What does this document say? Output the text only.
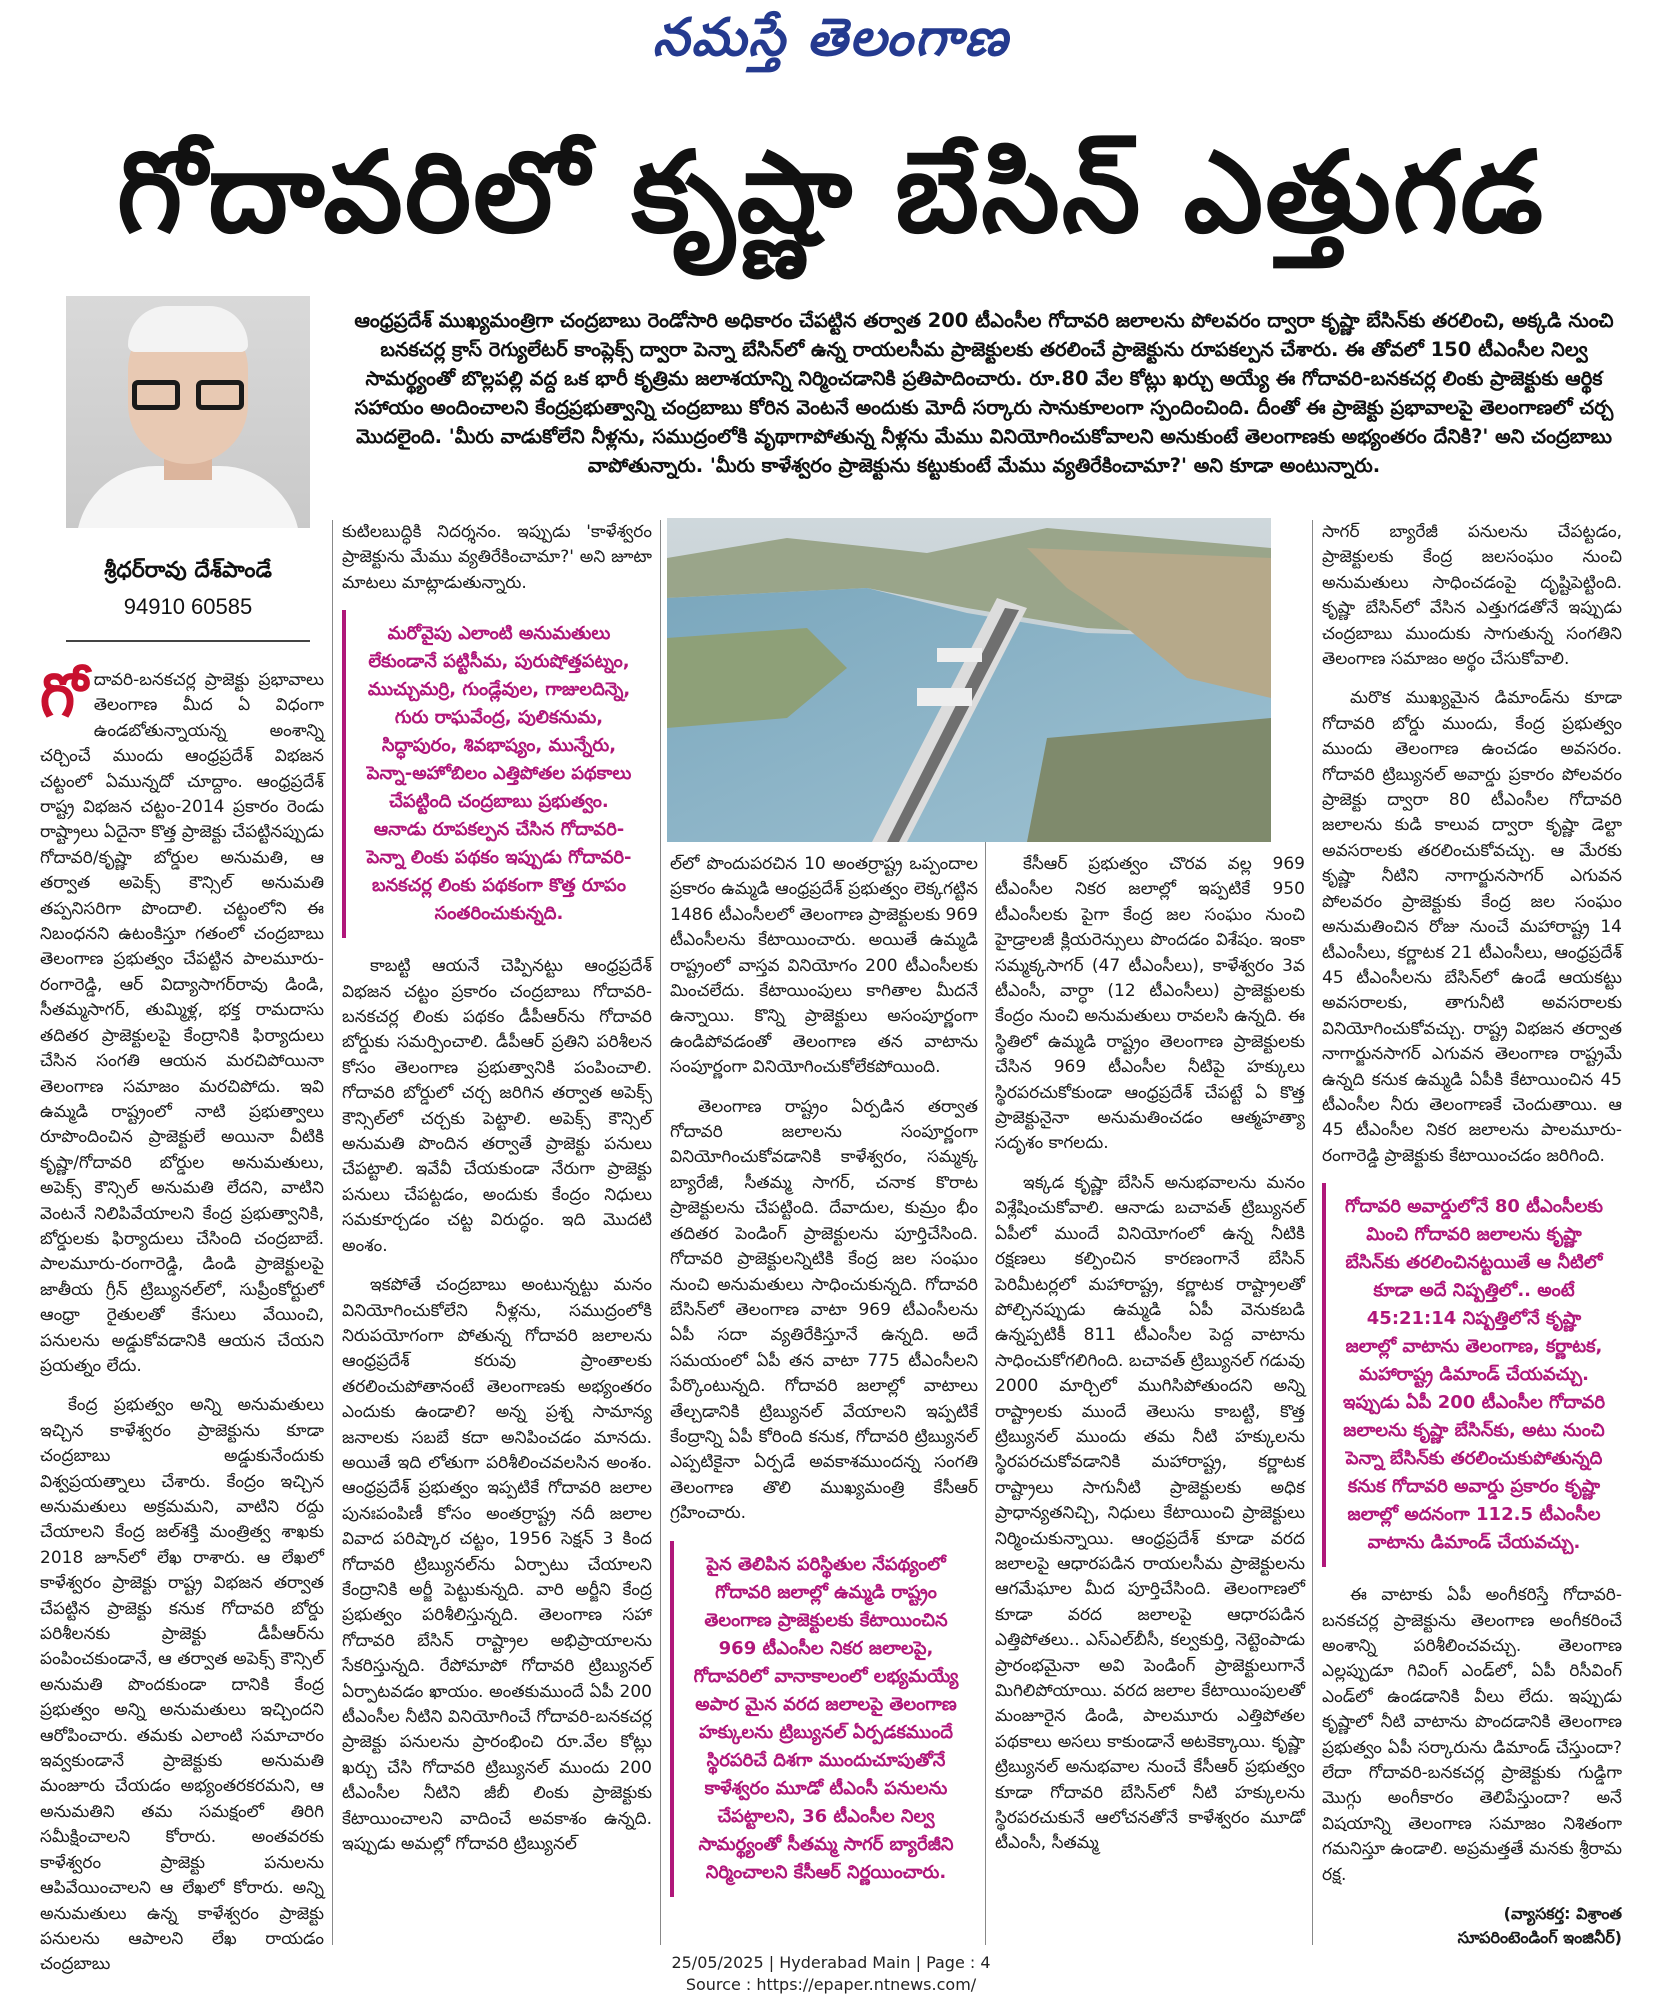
నమస్తే తెలంగాణ
గోదావరిలో కృష్ణా బేసిన్ ఎత్తుగడ
శ్రీధర్‌రావు దేశ్‌పాండే
94910 60585
ఆంధ్రప్రదేశ్ ముఖ్యమంత్రిగా చంద్రబాబు రెండోసారి అధికారం చేపట్టిన తర్వాత 200 టీఎంసీల గోదావరి జలాలను పోలవరం ద్వారా కృష్ణా బేసిన్‌కు తరలించి, అక్కడి నుంచి బనకచర్ల క్రాస్ రెగ్యులేటర్ కాంప్లెక్స్ ద్వారా పెన్నా బేసిన్‌లో ఉన్న రాయలసీమ ప్రాజెక్టులకు తరలించే ప్రాజెక్టును రూపకల్పన చేశారు. ఈ తోవలో 150 టీఎంసీల నిల్వ సామర్థ్యంతో బొల్లపల్లి వద్ద ఒక భారీ కృత్రిమ జలాశయాన్ని నిర్మించడానికి ప్రతిపాదించారు. రూ.80 వేల కోట్లు ఖర్చు అయ్యే ఈ గోదావరి-బనకచర్ల లింకు ప్రాజెక్టుకు ఆర్థిక సహాయం అందించాలని కేంద్రప్రభుత్వాన్ని చంద్రబాబు కోరిన వెంటనే అందుకు మోదీ సర్కారు సానుకూలంగా స్పందించింది. దీంతో ఈ ప్రాజెక్టు ప్రభావాలపై తెలంగాణలో చర్చ మొదలైంది. 'మీరు వాడుకోలేని నీళ్లను, సముద్రంలోకి వృథాగాపోతున్న నీళ్లను మేము వినియోగించుకోవాలని అనుకుంటే తెలంగాణకు అభ్యంతరం దేనికి?' అని చంద్రబాబు వాపోతున్నారు. 'మీరు కాళేశ్వరం ప్రాజెక్టును కట్టుకుంటే మేము వ్యతిరేకించామా?' అని కూడా అంటున్నారు.

గోదావరి-బనకచర్ల ప్రాజెక్టు ప్రభావాలు తెలంగాణ మీద ఏ విధంగా ఉండబోతున్నాయన్న అంశాన్ని చర్చించే ముందు ఆంధ్రప్రదేశ్ విభజన చట్టంలో ఏమున్నదో చూద్దాం. ఆంధ్రప్రదేశ్ రాష్ట్ర విభజన చట్టం-2014 ప్రకారం రెండు రాష్ట్రాలు ఏదైనా కొత్త ప్రాజెక్టు చేపట్టినప్పుడు గోదావరి/కృష్ణా బోర్డుల అనుమతి, ఆ తర్వాత అపెక్స్ కౌన్సిల్ అనుమతి తప్పనిసరిగా పొందాలి. చట్టంలోని ఈ నిబంధనని ఉటంకిస్తూ గతంలో చంద్రబాబు తెలంగాణ ప్రభుత్వం చేపట్టిన పాలమూరు-రంగారెడ్డి, ఆర్ విద్యాసాగర్‌రావు డిండి, సీతమ్మసాగర్, తుమ్మిళ్ల, భక్త రామదాసు తదితర ప్రాజెక్టులపై కేంద్రానికి ఫిర్యాదులు చేసిన సంగతి ఆయన మరచిపోయినా తెలంగాణ సమాజం మరచిపోదు. ఇవి ఉమ్మడి రాష్ట్రంలో నాటి ప్రభుత్వాలు రూపొందించిన ప్రాజెక్టులే అయినా వీటికి కృష్ణా/గోదావరి బోర్డుల అనుమతులు, అపెక్స్ కౌన్సిల్ అనుమతి లేదని, వాటిని వెంటనే నిలిపివేయాలని కేంద్ర ప్రభుత్వానికి, బోర్డులకు ఫిర్యాదులు చేసింది చంద్రబాబే. పాలమూరు-రంగారెడ్డి, డిండి ప్రాజెక్టులపై జాతీయ గ్రీన్ ట్రిబ్యునల్‌లో, సుప్రీంకోర్టులో ఆంధ్రా రైతులతో కేసులు వేయించి, పనులను అడ్డుకోవడానికి ఆయన చేయని ప్రయత్నం లేదు.

కేంద్ర ప్రభుత్వం అన్ని అనుమతులు ఇచ్చిన కాళేశ్వరం ప్రాజెక్టును కూడా చంద్రబాబు అడ్డుకునేందుకు విశ్వప్రయత్నాలు చేశారు. కేంద్రం ఇచ్చిన అనుమతులు అక్రమమని, వాటిని రద్దు చేయాలని కేంద్ర జల్‌శక్తి మంత్రిత్వ శాఖకు 2018 జూన్‌లో లేఖ రాశారు. ఆ లేఖలో కాళేశ్వరం ప్రాజెక్టు రాష్ట్ర విభజన తర్వాత చేపట్టిన ప్రాజెక్టు కనుక గోదావరి బోర్డు పరిశీలనకు ప్రాజెక్టు డీపీఆర్‌ను పంపించకుండానే, ఆ తర్వాత అపెక్స్ కౌన్సిల్ అనుమతి పొందకుండా దానికి కేంద్ర ప్రభుత్వం అన్ని అనుమతులు ఇచ్చిందని ఆరోపించారు. తమకు ఎలాంటి సమాచారం ఇవ్వకుండానే ప్రాజెక్టుకు అనుమతి మంజూరు చేయడం అభ్యంతరకరమని, ఆ అనుమతిని తమ సమక్షంలో తిరిగి సమీక్షించాలని కోరారు. అంతవరకు కాళేశ్వరం ప్రాజెక్టు పనులను ఆపివేయించాలని ఆ లేఖలో కోరారు. అన్ని అనుమతులు ఉన్న కాళేశ్వరం ప్రాజెక్టు పనులను ఆపాలని లేఖ రాయడం చంద్రబాబు

కుటిలబుద్ధికి నిదర్శనం. ఇప్పుడు 'కాళేశ్వరం ప్రాజెక్టును మేము వ్యతిరేకించామా?' అని జూటా మాటలు మాట్లాడుతున్నారు.

మరోవైపు ఎలాంటి అనుమతులు లేకుండానే పట్టిసీమ, పురుషోత్తపట్నం, ముచ్చుమర్రి, గుండ్లేవుల, గాజులదిన్నె, గురు రాఘవేంద్ర, పులికనుమ, సిద్ధాపురం, శివభాష్యం, మున్నేరు, పెన్నా-అహోబిలం ఎత్తిపోతల పథకాలు చేపట్టింది చంద్రబాబు ప్రభుత్వం. ఆనాడు రూపకల్పన చేసిన గోదావరి-పెన్నా లింకు పథకం ఇప్పుడు గోదావరి- బనకచర్ల లింకు పథకంగా కొత్త రూపం సంతరించుకున్నది.

కాబట్టి ఆయనే చెప్పినట్టు ఆంధ్రప్రదేశ్ విభజన చట్టం ప్రకారం చంద్రబాబు గోదావరి-బనకచర్ల లింకు పథకం డీపీఆర్‌ను గోదావరి బోర్డుకు సమర్పించాలి. డీపీఆర్ ప్రతిని పరిశీలన కోసం తెలంగాణ ప్రభుత్వానికి పంపించాలి. గోదావరి బోర్డులో చర్చ జరిగిన తర్వాత అపెక్స్ కౌన్సిల్‌లో చర్చకు పెట్టాలి. అపెక్స్ కౌన్సిల్ అనుమతి పొందిన తర్వాతే ప్రాజెక్టు పనులు చేపట్టాలి. ఇవేవీ చేయకుండా నేరుగా ప్రాజెక్టు పనులు చేపట్టడం, అందుకు కేంద్రం నిధులు సమకూర్చడం చట్ట విరుద్ధం. ఇది మొదటి అంశం.

ఇకపోతే చంద్రబాబు అంటున్నట్టు మనం వినియోగించుకోలేని నీళ్లను, సముద్రంలోకి నిరుపయోగంగా పోతున్న గోదావరి జలాలను ఆంధ్రప్రదేశ్ కరువు ప్రాంతాలకు తరలించుపోతానంటే తెలంగాణకు అభ్యంతరం ఎందుకు ఉండాలి? అన్న ప్రశ్న సామాన్య జనాలకు సబబే కదా అనిపించడం మానదు. అయితే ఇది లోతుగా పరిశీలించవలసిన అంశం. ఆంధ్రప్రదేశ్ ప్రభుత్వం ఇప్పటికే గోదావరి జలాల పునఃపంపిణీ కోసం అంతర్రాష్ట్ర నదీ జలాల వివాద పరిష్కార చట్టం, 1956 సెక్షన్ 3 కింద గోదావరి ట్రిబ్యునల్‌ను ఏర్పాటు చేయాలని కేంద్రానికి అర్జీ పెట్టుకున్నది. వారి అర్జీని కేంద్ర ప్రభుత్వం పరిశీలిస్తున్నది. తెలంగాణ సహా గోదావరి బేసిన్ రాష్ట్రాల అభిప్రాయాలను సేకరిస్తున్నది. రేపోమాపో గోదావరి ట్రిబ్యునల్ ఏర్పాటవడం ఖాయం. అంతకుముందే ఏపీ 200 టీఎంసీల నీటిని వినియోగించే గోదావరి-బనకచర్ల ప్రాజెక్టు పనులను ప్రారంభించి రూ.వేల కోట్లు ఖర్చు చేసి గోదావరి ట్రిబ్యునల్ ముందు 200 టీఎంసీల నీటిని జీబీ లింకు ప్రాజెక్టుకు కేటాయించాలని వాదించే అవకాశం ఉన్నది. ఇప్పుడు అమల్లో గోదావరి ట్రిబ్యునల్

ల్‌లో పొందుపరచిన 10 అంతర్రాష్ట్ర ఒప్పందాల ప్రకారం ఉమ్మడి ఆంధ్రప్రదేశ్ ప్రభుత్వం లెక్కగట్టిన 1486 టీఎంసీలలో తెలంగాణ ప్రాజెక్టులకు 969 టీఎంసీలను కేటాయించారు. అయితే ఉమ్మడి రాష్ట్రంలో వాస్తవ వినియోగం 200 టీఎంసీలకు మించలేదు. కేటాయింపులు కాగితాల మీదనే ఉన్నాయి. కొన్ని ప్రాజెక్టులు అసంపూర్ణంగా ఉండిపోవడంతో తెలంగాణ తన వాటాను సంపూర్ణంగా వినియోగించుకోలేకపోయింది.

తెలంగాణ రాష్ట్రం ఏర్పడిన తర్వాత గోదావరి జలాలను సంపూర్ణంగా వినియోగించుకోవడానికి కాళేశ్వరం, సమ్మక్క బ్యారేజీ, సీతమ్మ సాగర్, చనాక కొరాట ప్రాజెక్టులను చేపట్టింది. దేవాదుల, కుమ్రం భీం తదితర పెండింగ్ ప్రాజెక్టులను పూర్తిచేసింది. గోదావరి ప్రాజెక్టులన్నిటికి కేంద్ర జల సంఘం నుంచి అనుమతులు సాధించుకున్నది. గోదావరి బేసిన్‌లో తెలంగాణ వాటా 969 టీఎంసీలను ఏపీ సదా వ్యతిరేకిస్తూనే ఉన్నది. అదే సమయంలో ఏపీ తన వాటా 775 టీఎంసీలని పేర్కొంటున్నది. గోదావరి జలాల్లో వాటాలు తేల్చడానికి ట్రిబ్యునల్ వేయాలని ఇప్పటికే కేంద్రాన్ని ఏపీ కోరింది కనుక, గోదావరి ట్రిబ్యునల్ ఎప్పటికైనా ఏర్పడే అవకాశముందన్న సంగతి తెలంగాణ తొలి ముఖ్యమంత్రి కేసీఆర్ గ్రహించారు.

పైన తెలిపిన పరిస్థితుల నేపథ్యంలో గోదావరి జలాల్లో ఉమ్మడి రాష్ట్రం తెలంగాణ ప్రాజెక్టులకు కేటాయించిన 969 టీఎంసీల నికర జలాలపై, గోదావరిలో వానాకాలంలో లభ్యమయ్యే అపార మైన వరద జలాలపై తెలంగాణ హక్కులను ట్రిబ్యునల్ ఏర్పడకముందే స్థిరపరిచే దిశగా ముందుచూపుతోనే కాళేశ్వరం మూడో టీఎంసీ పనులను చేపట్టాలని, 36 టీఎంసీల నిల్వ సామర్థ్యంతో సీతమ్మ సాగర్ బ్యారేజీని నిర్మించాలని కేసీఆర్ నిర్ణయించారు.

కేసీఆర్ ప్రభుత్వం చొరవ వల్ల 969 టీఎంసీల నికర జలాల్లో ఇప్పటికే 950 టీఎంసీలకు పైగా కేంద్ర జల సంఘం నుంచి హైడ్రాలజీ క్లియరెన్సులు పొందడం విశేషం. ఇంకా సమ్మక్కసాగర్ (47 టీఎంసీలు), కాళేశ్వరం 3వ టీఎంసీ, వార్ధా (12 టీఎంసీలు) ప్రాజెక్టులకు కేంద్రం నుంచి అనుమతులు రావలసి ఉన్నది. ఈ స్థితిలో ఉమ్మడి రాష్ట్రం తెలంగాణ ప్రాజెక్టులకు చేసిన 969 టీఎంసీల నీటిపై హక్కులు స్థిరపరచుకోకుండా ఆంధ్రప్రదేశ్ చేపట్టే ఏ కొత్త ప్రాజెక్టునైనా అనుమతించడం ఆత్మహత్యా సదృశం కాగలదు.

ఇక్కడ కృష్ణా బేసిన్ అనుభవాలను మనం విశ్లేషించుకోవాలి. ఆనాడు బచావత్ ట్రిబ్యునల్ ఏపీలో ముందే వినియోగంలో ఉన్న నీటికి రక్షణలు కల్పించిన కారణంగానే బేసిన్ పెరిమీటర్లలో మహారాష్ట్ర, కర్ణాటక రాష్ట్రాలతో పోల్చినప్పుడు ఉమ్మడి ఏపీ వెనుకబడి ఉన్నప్పటికీ 811 టీఎంసీల పెద్ద వాటాను సాధించుకోగలిగింది. బచావత్ ట్రిబ్యునల్ గడువు 2000 మార్చిలో ముగిసిపోతుందని అన్ని రాష్ట్రాలకు ముందే తెలుసు కాబట్టి, కొత్త ట్రిబ్యునల్ ముందు తమ నీటి హక్కులను స్థిరపరచుకోవడానికి మహారాష్ట్ర, కర్ణాటక రాష్ట్రాలు సాగునీటి ప్రాజెక్టులకు అధిక ప్రాధాన్యతనిచ్చి, నిధులు కేటాయించి ప్రాజెక్టులు నిర్మించుకున్నాయి. ఆంధ్రప్రదేశ్ కూడా వరద జలాలపై ఆధారపడిన రాయలసీమ ప్రాజెక్టులను ఆగమేఘాల మీద పూర్తిచేసింది. తెలంగాణలో కూడా వరద జలాలపై ఆధారపడిన ఎత్తిపోతలు.. ఎస్ఎల్‌బీసీ, కల్వకుర్తి, నెట్టెంపాడు ప్రారంభమైనా అవి పెండింగ్ ప్రాజెక్టులుగానే మిగిలిపోయాయి. వరద జలాల కేటాయింపులతో మంజూరైన డిండి, పాలమూరు ఎత్తిపోతల పథకాలు అసలు కాకుండానే అటకెక్కాయి. కృష్ణా ట్రిబ్యునల్ అనుభవాల నుంచే కేసీఆర్ ప్రభుత్వం కూడా గోదావరి బేసిన్‌లో నీటి హక్కులను స్థిరపరచుకునే ఆలోచనతోనే కాళేశ్వరం మూడో టీఎంసీ, సీతమ్మ

సాగర్ బ్యారేజీ పనులను చేపట్టడం, ప్రాజెక్టులకు కేంద్ర జలసంఘం నుంచి అనుమతులు సాధించడంపై దృష్టిపెట్టింది. కృష్ణా బేసిన్‌లో వేసిన ఎత్తుగడతోనే ఇప్పుడు చంద్రబాబు ముందుకు సాగుతున్న సంగతిని తెలంగాణ సమాజం అర్థం చేసుకోవాలి.

మరొక ముఖ్యమైన డిమాండ్‌ను కూడా గోదావరి బోర్డు ముందు, కేంద్ర ప్రభుత్వం ముందు తెలంగాణ ఉంచడం అవసరం. గోదావరి ట్రిబ్యునల్ అవార్డు ప్రకారం పోలవరం ప్రాజెక్టు ద్వారా 80 టీఎంసీల గోదావరి జలాలను కుడి కాలువ ద్వారా కృష్ణా డెల్టా అవసరాలకు తరలించుకోవచ్చు. ఆ మేరకు కృష్ణా నీటిని నాగార్జునసాగర్ ఎగువన పోలవరం ప్రాజెక్టుకు కేంద్ర జల సంఘం అనుమతించిన రోజు నుంచే మహారాష్ట్ర 14 టీఎంసీలు, కర్ణాటక 21 టీఎంసీలు, ఆంధ్రప్రదేశ్ 45 టీఎంసీలను బేసిన్‌లో ఉండే ఆయకట్టు అవసరాలకు, తాగునీటి అవసరాలకు వినియోగించుకోవచ్చు. రాష్ట్ర విభజన తర్వాత నాగార్జునసాగర్ ఎగువన తెలంగాణ రాష్ట్రమే ఉన్నది కనుక ఉమ్మడి ఏపీకి కేటాయించిన 45 టీఎంసీల నీరు తెలంగాణకే చెందుతాయి. ఆ 45 టీఎంసీల నికర జలాలను పాలమూరు-రంగారెడ్డి ప్రాజెక్టుకు కేటాయించడం జరిగింది.

గోదావరి అవార్డులోనే 80 టీఎంసీలకు మించి గోదావరి జలాలను కృష్ణా బేసిన్‌కు తరలించినట్టయితే ఆ నీటిలో కూడా అదే నిష్పత్తిలో.. అంటే 45:21:14 నిష్పత్తిలోనే కృష్ణా జలాల్లో వాటాను తెలంగాణ, కర్ణాటక, మహారాష్ట్ర డిమాండ్ చేయవచ్చు. ఇప్పుడు ఏపీ 200 టీఎంసీల గోదావరి జలాలను కృష్ణా బేసిన్‌కు, అటు నుంచి పెన్నా బేసిన్‌కు తరలించుకుపోతున్నది కనుక గోదావరి అవార్డు ప్రకారం కృష్ణా జలాల్లో అదనంగా 112.5 టీఎంసీల వాటాను డిమాండ్ చేయవచ్చు.

ఈ వాటాకు ఏపీ అంగీకరిస్తే గోదావరి-బనకచర్ల ప్రాజెక్టును తెలంగాణ అంగీకరించే అంశాన్ని పరిశీలించవచ్చు. తెలంగాణ ఎల్లప్పుడూ గివింగ్ ఎండ్‌లో, ఏపీ రిసీవింగ్ ఎండ్‌లో ఉండడానికి వీలు లేదు. ఇప్పుడు కృష్ణాలో నీటి వాటాను పొందడానికి తెలంగాణ ప్రభుత్వం ఏపీ సర్కారును డిమాండ్ చేస్తుందా? లేదా గోదావరి-బనకచర్ల ప్రాజెక్టుకు గుడ్డిగా మొగ్గు అంగీకారం తెలిపేస్తుందా? అనే విషయాన్ని తెలంగాణ సమాజం నిశితంగా గమనిస్తూ ఉండాలి. అప్రమత్తతే మనకు శ్రీరామ రక్ష.

(వ్యాసకర్త: విశ్రాంత
సూపరింటెండింగ్ ఇంజినీర్)
25/05/2025 | Hyderabad Main | Page : 4
Source : https://epaper.ntnews.com/
